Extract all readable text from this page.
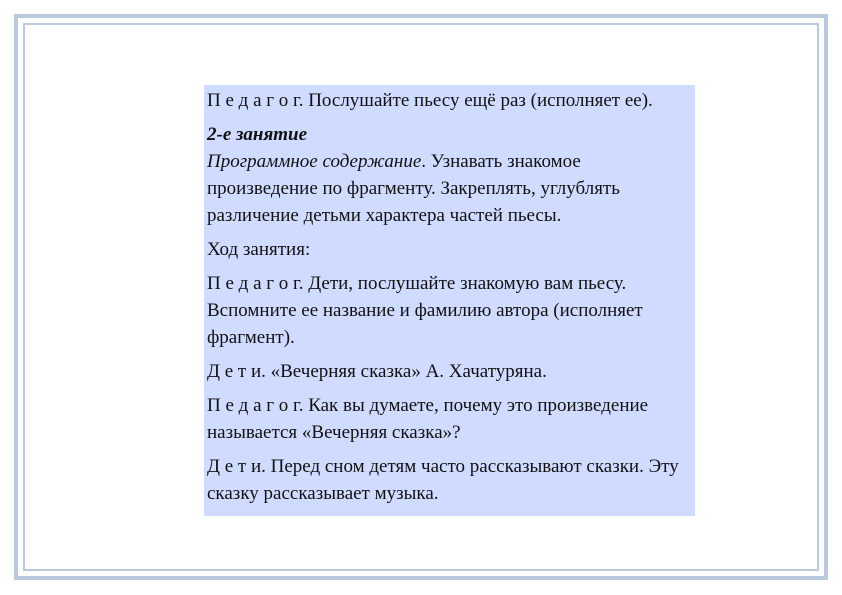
П е д а г о г. Послушайте пьесу ещё раз (исполняет ее).

2-е занятие
Программное содержание. Узнавать знакомое произведение по фрагменту. Закреплять, углублять различение детьми характера частей пьесы.

Ход занятия:

П е д а г о г. Дети, послушайте знакомую вам пьесу. Вспомните ее название и фамилию автора (исполняет фрагмент).

Д е т и. «Вечерняя сказка» А. Хачатуряна.

П е д а г о г. Как вы думаете, почему это произведение называется «Вечерняя сказка»?

Д е т и. Перед сном детям часто рассказывают сказки. Эту сказку рассказывает музыка.
